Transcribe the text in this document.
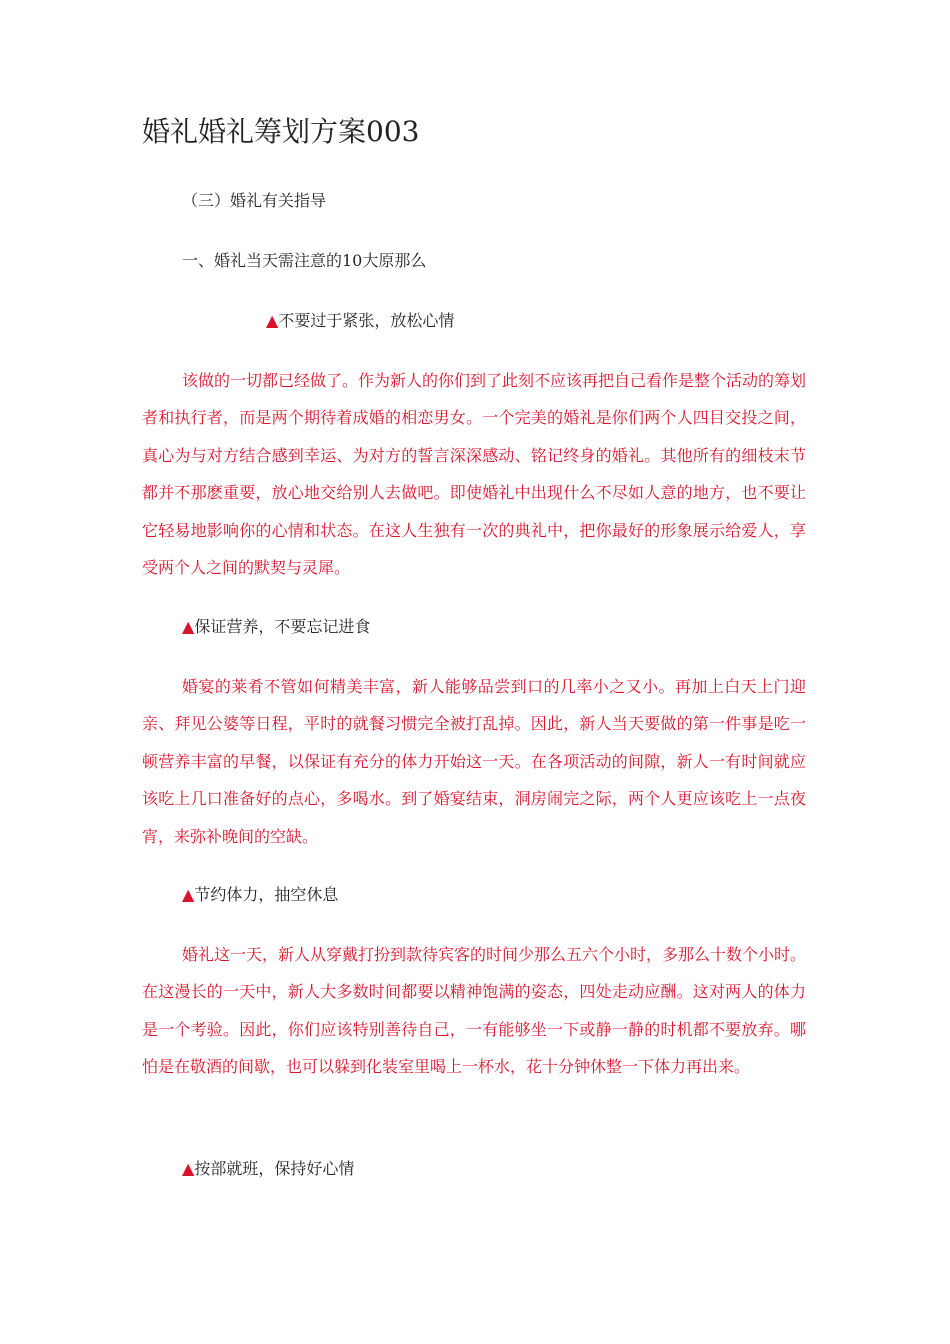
婚礼婚礼筹划方案003
（三）婚礼有关指导
一、婚礼当天需注意的10大原那么
▲不要过于紧张，放松心情

该做的一切都已经做了。作为新人的你们到了此刻不应该再把自己看作是整个活动的筹划者和执行者，而是两个期待着成婚的相恋男女。一个完美的婚礼是你们两个人四目交投之间，真心为与对方结合感到幸运、为对方的誓言深深感动、铭记终身的婚礼。其他所有的细枝末节都并不那麽重要，放心地交给别人去做吧。即使婚礼中出现什么不尽如人意的地方，也不要让它轻易地影响你的心情和状态。在这人生独有一次的典礼中，把你最好的形象展示给爱人，享受两个人之间的默契与灵犀。

▲保证营养，不要忘记进食

婚宴的莱肴不管如何精美丰富，新人能够品尝到口的几率小之又小。再加上白天上门迎亲、拜见公婆等日程，平时的就餐习惯完全被打乱掉。因此，新人当天要做的第一件事是吃一顿营养丰富的早餐，以保证有充分的体力开始这一天。在各项活动的间隙，新人一有时间就应该吃上几口准备好的点心，多喝水。到了婚宴结束，洞房闹完之际，两个人更应该吃上一点夜宵，来弥补晚间的空缺。

▲节约体力，抽空休息

婚礼这一天，新人从穿戴打扮到款待宾客的时间少那么五六个小时，多那么十数个小时。在这漫长的一天中，新人大多数时间都要以精神饱满的姿态，四处走动应酬。这对两人的体力是一个考验。因此，你们应该特别善待自己，一有能够坐一下或静一静的时机都不要放弃。哪怕是在敬酒的间歇，也可以躲到化装室里喝上一杯水，花十分钟休整一下体力再出来。

▲按部就班，保持好心情
